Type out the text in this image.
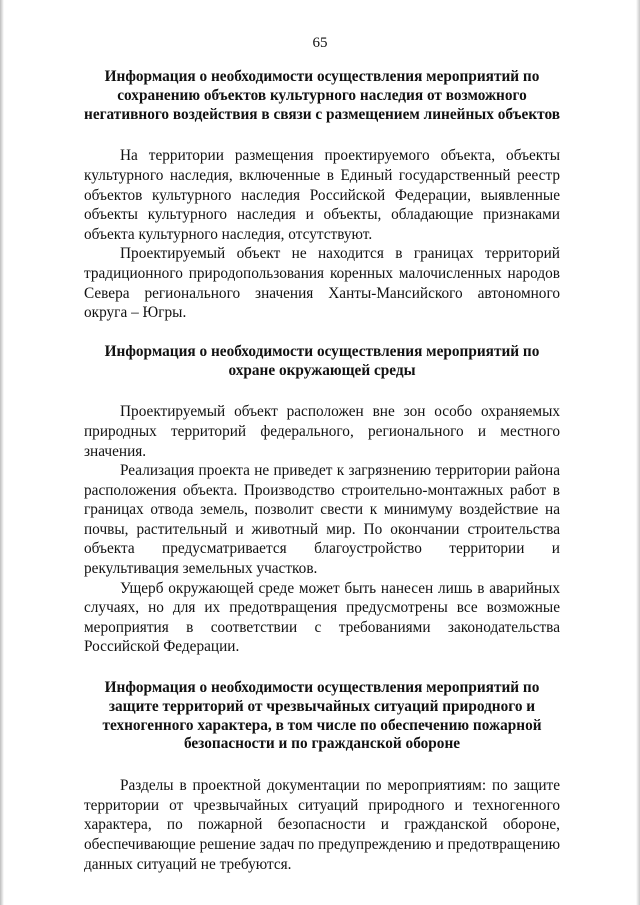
65

Информация о необходимости осуществления мероприятий по
сохранению объектов культурного наследия от возможного
негативного воздействия в связи с размещением линейных объектов

На территории размещения проектируемого объекта, объекты культурного наследия, включенные в Единый государственный реестр объектов культурного наследия Российской Федерации, выявленные объекты культурного наследия и объекты, обладающие признаками объекта культурного наследия, отсутствуют.

Проектируемый объект не находится в границах территорий традиционного природопользования коренных малочисленных народов Севера регионального значения Ханты-Мансийского автономного округа – Югры.

Информация о необходимости осуществления мероприятий по
охране окружающей среды

Проектируемый объект расположен вне зон особо охраняемых природных территорий федерального, регионального и местного значения.

Реализация проекта не приведет к загрязнению территории района расположения объекта. Производство строительно-монтажных работ в границах отвода земель, позволит свести к минимуму воздействие на почвы, растительный и животный мир. По окончании строительства объекта предусматривается благоустройство территории и рекультивация земельных участков.

Ущерб окружающей среде может быть нанесен лишь в аварийных случаях, но для их предотвращения предусмотрены все возможные мероприятия в соответствии с требованиями законодательства Российской Федерации.

Информация о необходимости осуществления мероприятий по
защите территорий от чрезвычайных ситуаций природного и
техногенного характера, в том числе по обеспечению пожарной
безопасности и по гражданской обороне

Разделы в проектной документации по мероприятиям: по защите территории от чрезвычайных ситуаций природного и техногенного характера, по пожарной безопасности и гражданской обороне, обеспечивающие решение задач по предупреждению и предотвращению данных ситуаций не требуются.
